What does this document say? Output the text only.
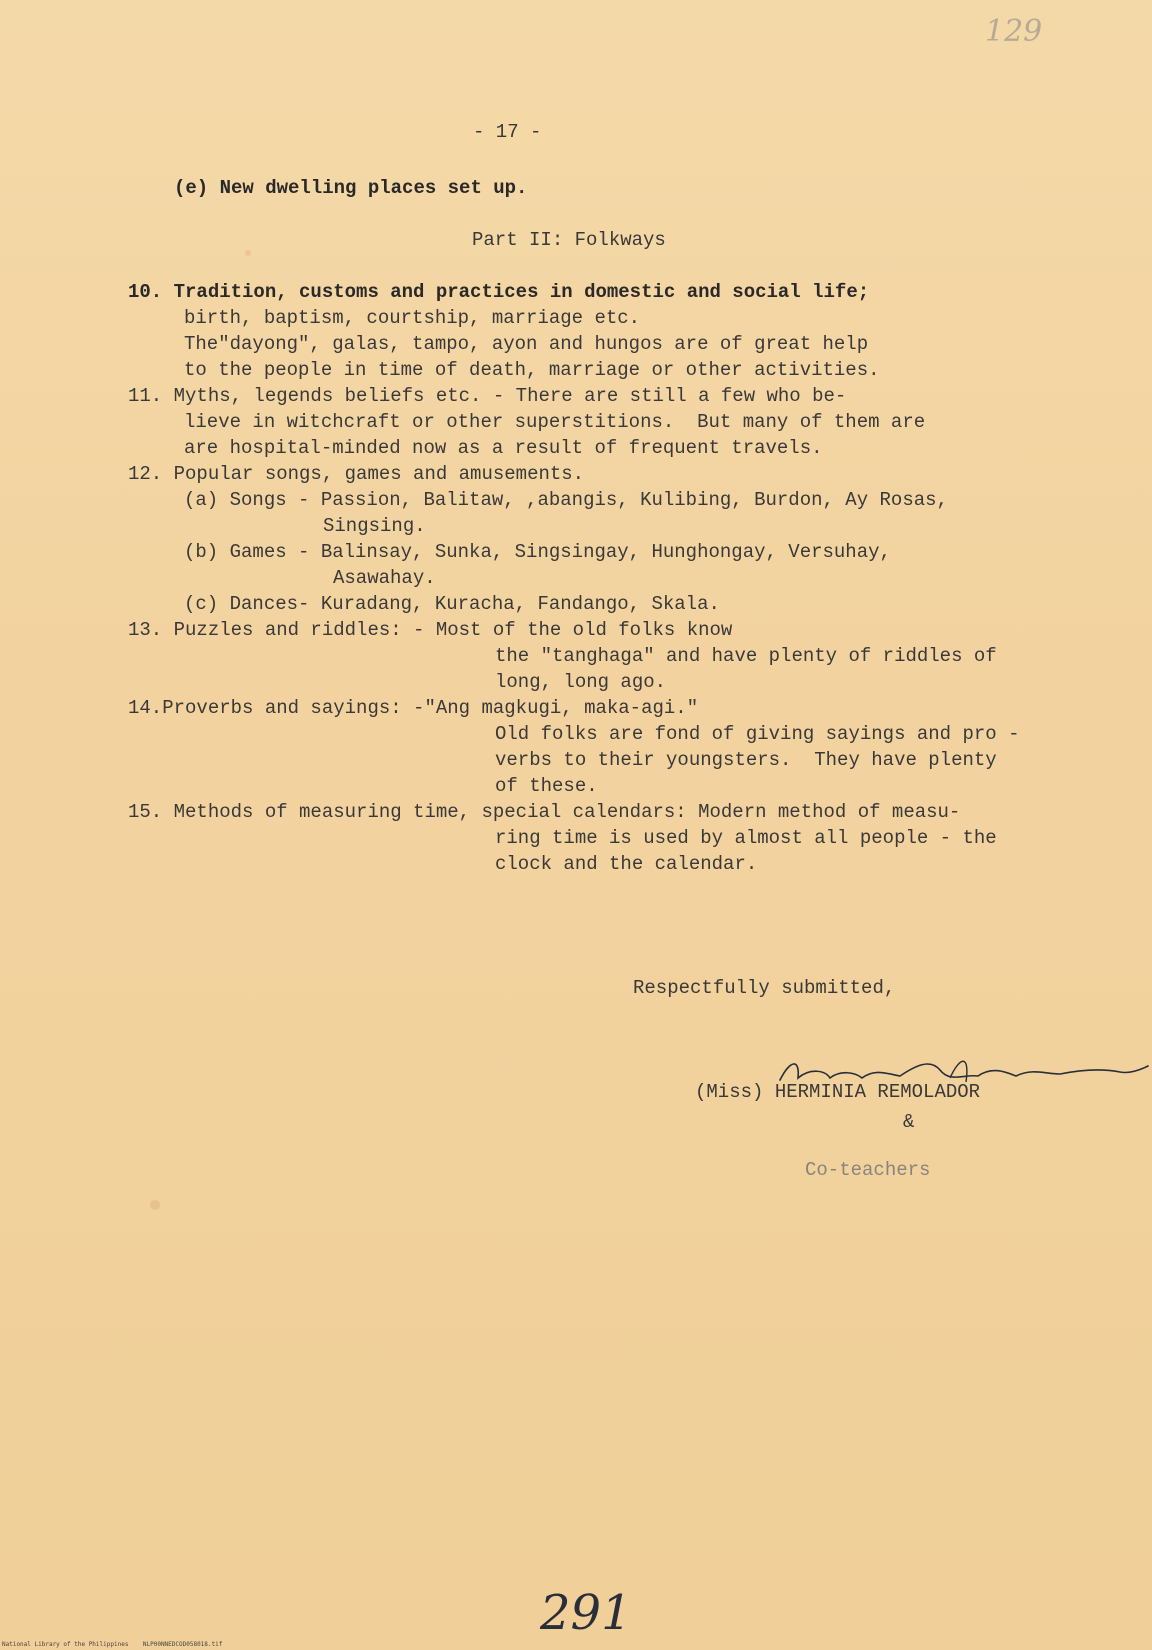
129
- 17 -
(e) New dwelling places set up.
Part II: Folkways
10. Tradition, customs and practices in domestic and social life;
birth, baptism, courtship, marriage etc.
The"dayong", galas, tampo, ayon and hungos are of great help
to the people in time of death, marriage or other activities.
11. Myths, legends beliefs etc. - There are still a few who be-
lieve in witchcraft or other superstitions.  But many of them are
are hospital-minded now as a result of frequent travels.
12. Popular songs, games and amusements.
(a) Songs - Passion, Balitaw, ,abangis, Kulibing, Burdon, Ay Rosas,
Singsing.
(b) Games - Balinsay, Sunka, Singsingay, Hunghongay, Versuhay,
Asawahay.
(c) Dances- Kuradang, Kuracha, Fandango, Skala.
13. Puzzles and riddles: - Most of the old folks know
the "tanghaga" and have plenty of riddles of
long, long ago.
14.Proverbs and sayings: -"Ang magkugi, maka-agi."
Old folks are fond of giving sayings and pro -
verbs to their youngsters.  They have plenty
of these.
15. Methods of measuring time, special calendars: Modern method of measu-
ring time is used by almost all people - the
clock and the calendar.
Respectfully submitted,
(Miss) HERMINIA REMOLADOR
&
Co-teachers
291
National Library of the Philippines    NLP00NNEDCOD058018.tif
